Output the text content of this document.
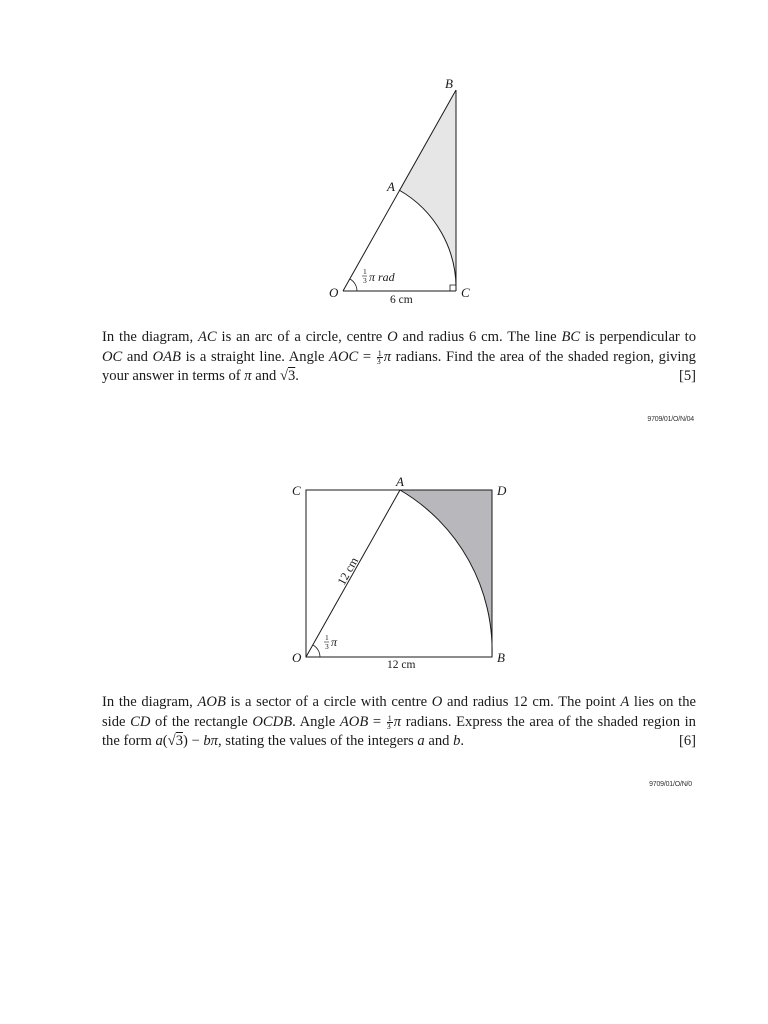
B
A
O	C
1
3 π rad
6 cm
In the diagram, AC is an arc of a circle, centre O and radius 6 cm. The line BC is perpendicular to
OC and OAB is a straight line. Angle AOC = $\frac{1}{3}$ π radians. Find the area of the shaded region, giving
your answer in terms of π and √3.	[5]
9709/01/O/N/04
C
A
D
O	B
12 cm
1
3 π
12 cm
In the diagram, AOB is a sector of a circle with centre O and radius 12 cm. The point A lies on the
side CD of the rectangle OCDB. Angle AOB = $\frac{1}{3}$ π radians. Express the area of the shaded region in
the form a(√3) − bπ, stating the values of the integers a and b.	[6]
9709/01/O/N/0
